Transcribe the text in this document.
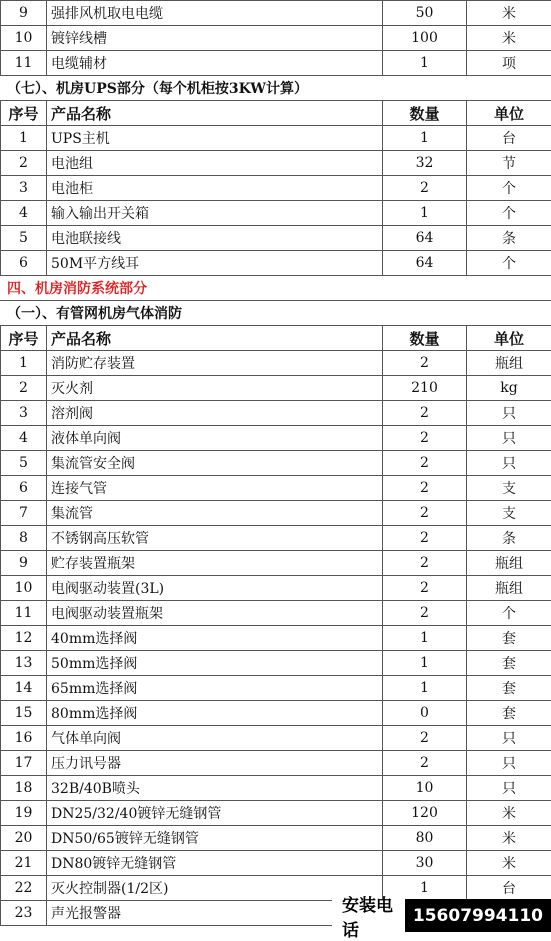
9	强排风机取电电缆	50	米
10	镀锌线槽	100	米
11	电缆辅材	1	项
（七）、机房UPS部分（每个机柜按3KW计算）			
序号	产品名称	数量	单位
1	UPS主机	1	台
2	电池组	32	节
3	电池柜	2	个
4	输入输出开关箱	1	个
5	电池联接线	64	条
6	50M平方线耳	64	个
四、机房消防系统部分			
（一）、有管网机房气体消防			
序号	产品名称	数量	单位
1	消防贮存装置	2	瓶组
2	灭火剂	210	kg
3	溶剂阀	2	只
4	液体单向阀	2	只
5	集流管安全阀	2	只
6	连接气管	2	支
7	集流管	2	支
8	不锈钢高压软管	2	条
9	贮存装置瓶架	2	瓶组
10	电阀驱动装置(3L)	2	瓶组
11	电阀驱动装置瓶架	2	个
12	40mm选择阀	1	套
13	50mm选择阀	1	套
14	65mm选择阀	1	套
15	80mm选择阀	0	套
16	气体单向阀	2	只
17	压力讯号器	2	只
18	32B/40B喷头	10	只
19	DN25/32/40镀锌无缝钢管	120	米
20	DN50/65镀锌无缝钢管	80	米
21	DN80镀锌无缝钢管	30	米
22	灭火控制器(1/2区)	1	台
23	声光报警器			安装电话
15607994110
